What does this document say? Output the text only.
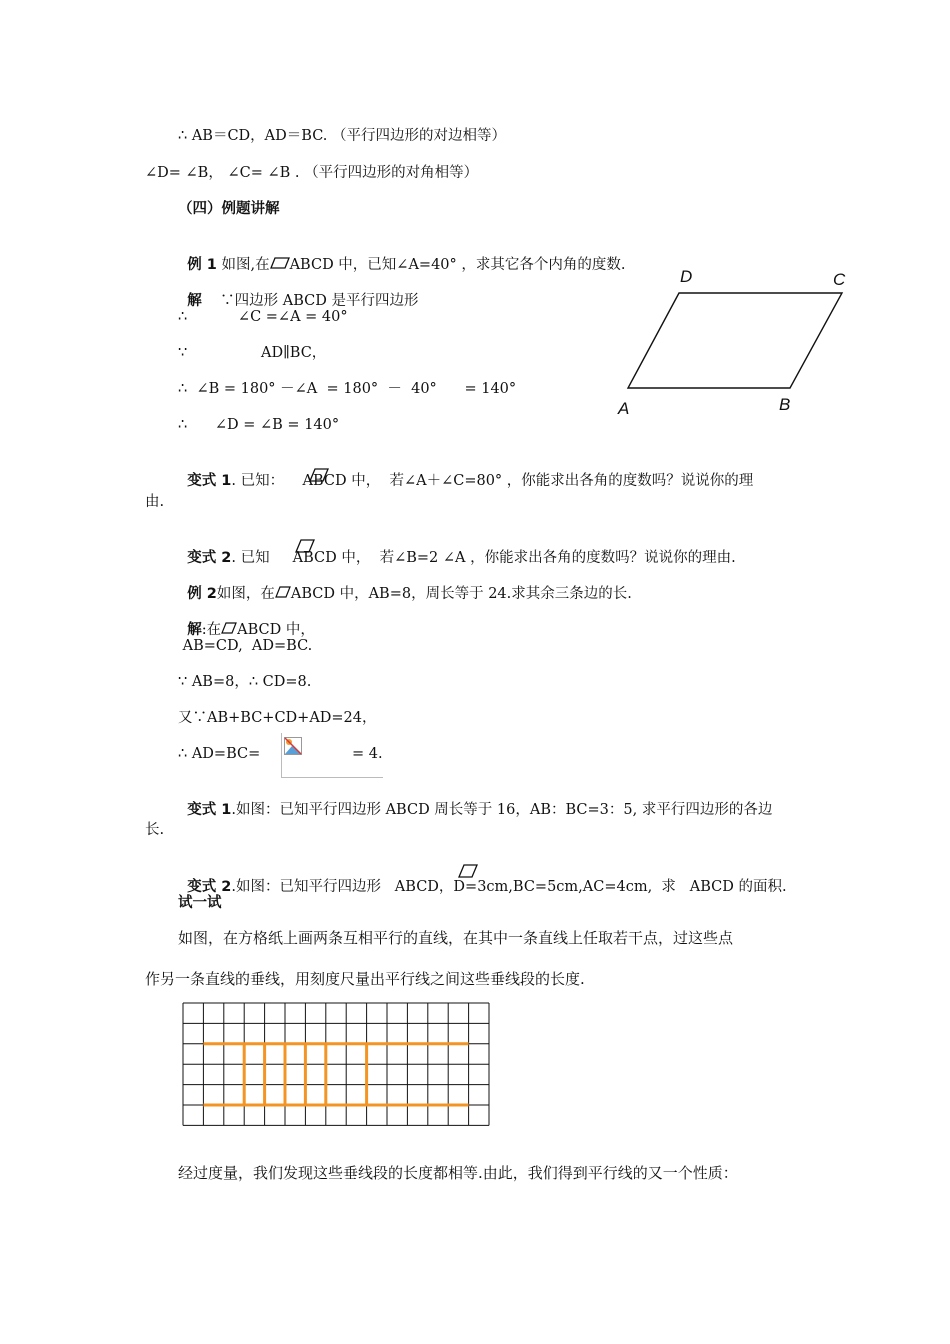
∴ AB＝CD，AD＝BC. （平行四边形的对边相等）
∠D= ∠B， ∠C= ∠B . （平行四边形的对角相等）
（四）例题讲解

例 1 如图,在 ABCD 中，已知∠A=40° ，求其它各个内角的度数.

解    ∵四边形 ABCD 是平行四边形

∴           ∠C =∠A = 40°
∵                AD∥BC，
∴  ∠B = 180° －∠A  = 180°  －  40°      = 140°
∴      ∠D = ∠B = 140°
D	C
A	B

变式 1. 已知：    ABCD 中，  若∠A＋∠C=80° ，你能求出各角的度数吗？说说你的理

由.

变式 2. 已知     ABCD 中，  若∠B=2 ∠A ，你能求出各角的度数吗？说说你的理由.

例 2如图，在 ABCD 中，AB=8，周长等于 24.求其余三条边的长.

解:在 ABCD 中，

AB=CD,  AD=BC.
∵ AB=8，∴ CD=8.
又∵AB+BC+CD+AD=24，
∴ AD=BC=	= 4.

变式 1.如图：已知平行四边形 ABCD 周长等于 16，AB：BC=3：5, 求平行四边形的各边

长.

变式 2.如图：已知平行四边形   ABCD，D=3cm,BC=5cm,AC=4cm,  求   ABCD 的面积.

试一试
如图，在方格纸上画两条互相平行的直线，在其中一条直线上任取若干点，过这些点
作另一条直线的垂线，用刻度尺量出平行线之间这些垂线段的长度.
经过度量，我们发现这些垂线段的长度都相等.由此，我们得到平行线的又一个性质：
